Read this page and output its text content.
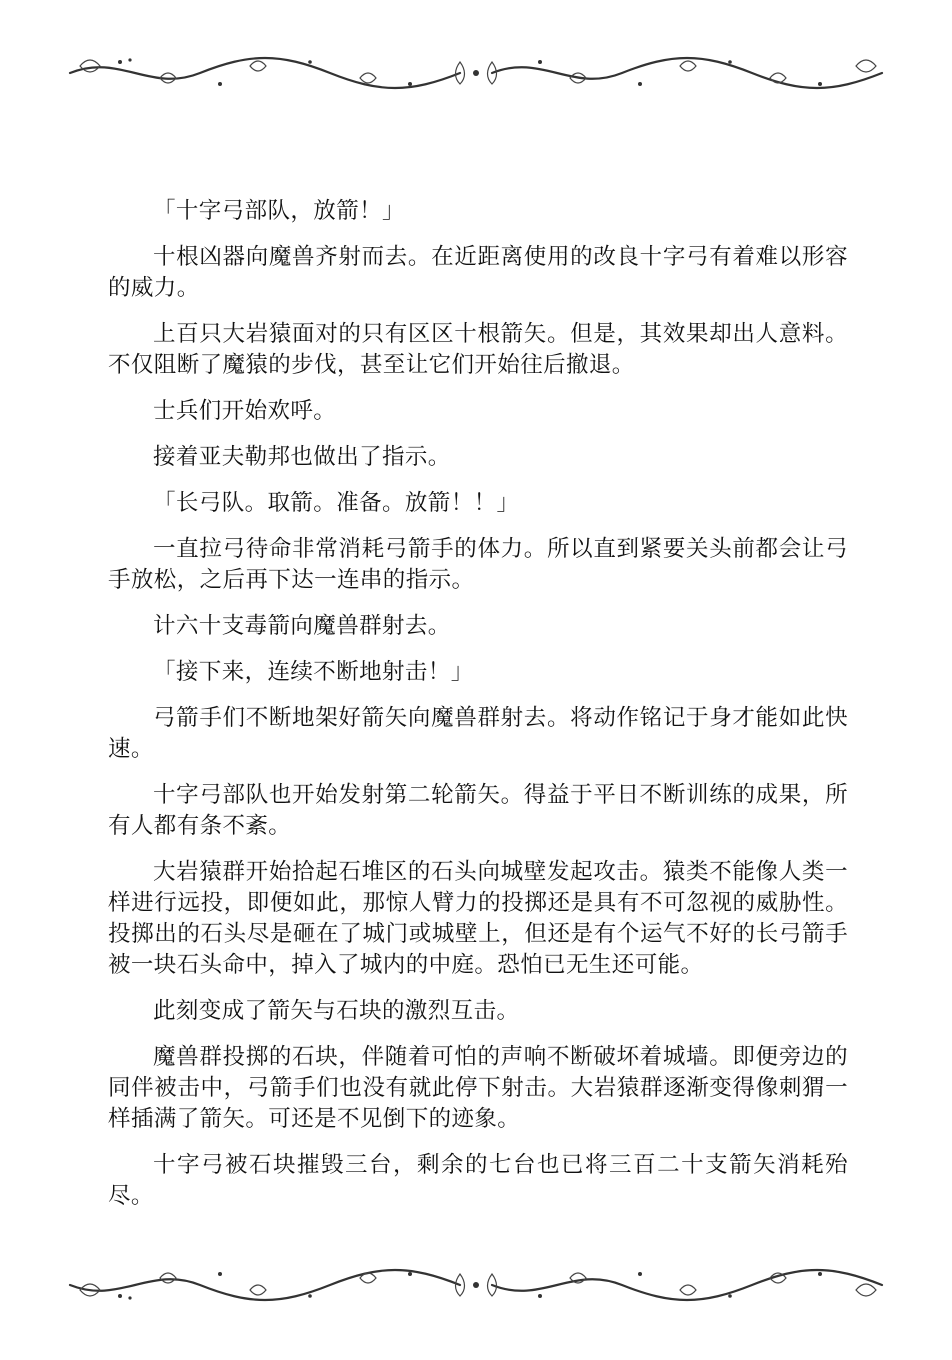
「十字弓部队，放箭！」

十根凶器向魔兽齐射而去。在近距离使用的改良十字弓有着难以形容的威力。

上百只大岩猿面对的只有区区十根箭矢。但是，其效果却出人意料。不仅阻断了魔猿的步伐，甚至让它们开始往后撤退。

士兵们开始欢呼。

接着亚夫勒邦也做出了指示。

「长弓队。取箭。准备。放箭！！」

一直拉弓待命非常消耗弓箭手的体力。所以直到紧要关头前都会让弓手放松，之后再下达一连串的指示。

计六十支毒箭向魔兽群射去。

「接下来，连续不断地射击！」

弓箭手们不断地架好箭矢向魔兽群射去。将动作铭记于身才能如此快速。

十字弓部队也开始发射第二轮箭矢。得益于平日不断训练的成果，所有人都有条不紊。

大岩猿群开始拾起石堆区的石头向城壁发起攻击。猿类不能像人类一样进行远投，即便如此，那惊人臂力的投掷还是具有不可忽视的威胁性。投掷出的石头尽是砸在了城门或城壁上，但还是有个运气不好的长弓箭手被一块石头命中，掉入了城内的中庭。恐怕已无生还可能。

此刻变成了箭矢与石块的激烈互击。

魔兽群投掷的石块，伴随着可怕的声响不断破坏着城墙。即便旁边的同伴被击中，弓箭手们也没有就此停下射击。大岩猿群逐渐变得像刺猬一样插满了箭矢。可还是不见倒下的迹象。

十字弓被石块摧毁三台，剩余的七台也已将三百二十支箭矢消耗殆尽。
